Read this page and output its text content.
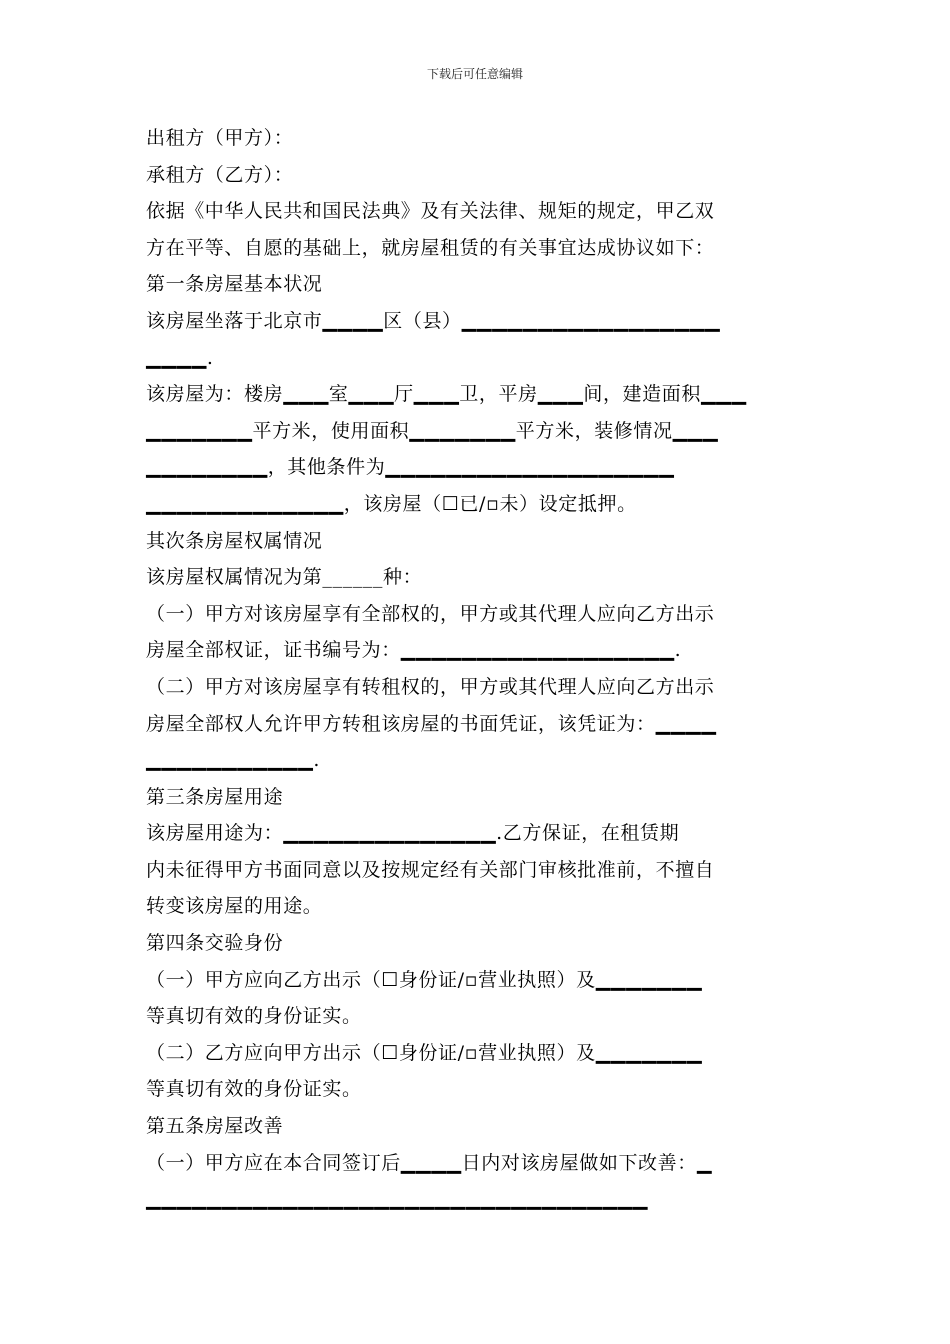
下载后可任意编辑

出租方（甲方）：

承租方（乙方）：

依据《中华人民共和国民法典》及有关法律、规矩的规定，甲乙双

方在平等、自愿的基础上，就房屋租赁的有关事宜达成协议如下：

第一条房屋基本状况

该房屋坐落于北京市▁▁▁▁区（县）▁▁▁▁▁▁▁▁▁▁▁▁▁▁▁▁▁

▁▁▁▁.

该房屋为：楼房▁▁▁室▁▁▁厅▁▁▁卫，平房▁▁▁间，建造面积▁▁▁

▁▁▁▁▁▁▁平方米，使用面积▁▁▁▁▁▁▁平方米，装修情况▁▁▁

▁▁▁▁▁▁▁▁，其他条件为▁▁▁▁▁▁▁▁▁▁▁▁▁▁▁▁▁▁▁

▁▁▁▁▁▁▁▁▁▁▁▁▁，该房屋（☐已/▫未）设定抵押。

其次条房屋权属情况

该房屋权属情况为第______种：

（一）甲方对该房屋享有全部权的，甲方或其代理人应向乙方出示

房屋全部权证，证书编号为：▁▁▁▁▁▁▁▁▁▁▁▁▁▁▁▁▁▁.

（二）甲方对该房屋享有转租权的，甲方或其代理人应向乙方出示

房屋全部权人允许甲方转租该房屋的书面凭证，该凭证为：▁▁▁▁

▁▁▁▁▁▁▁▁▁▁▁.

第三条房屋用途

该房屋用途为：▁▁▁▁▁▁▁▁▁▁▁▁▁▁.乙方保证，在租赁期

内未征得甲方书面同意以及按规定经有关部门审核批准前，不擅自

转变该房屋的用途。

第四条交验身份

（一）甲方应向乙方出示（☐身份证/▫营业执照）及▁▁▁▁▁▁▁

等真切有效的身份证实。

（二）乙方应向甲方出示（☐身份证/▫营业执照）及▁▁▁▁▁▁▁

等真切有效的身份证实。

第五条房屋改善

（一）甲方应在本合同签订后▁▁▁▁日内对该房屋做如下改善：▁

▁▁▁▁▁▁▁▁▁▁▁▁▁▁▁▁▁▁▁▁▁▁▁▁▁▁▁▁▁▁▁▁▁
